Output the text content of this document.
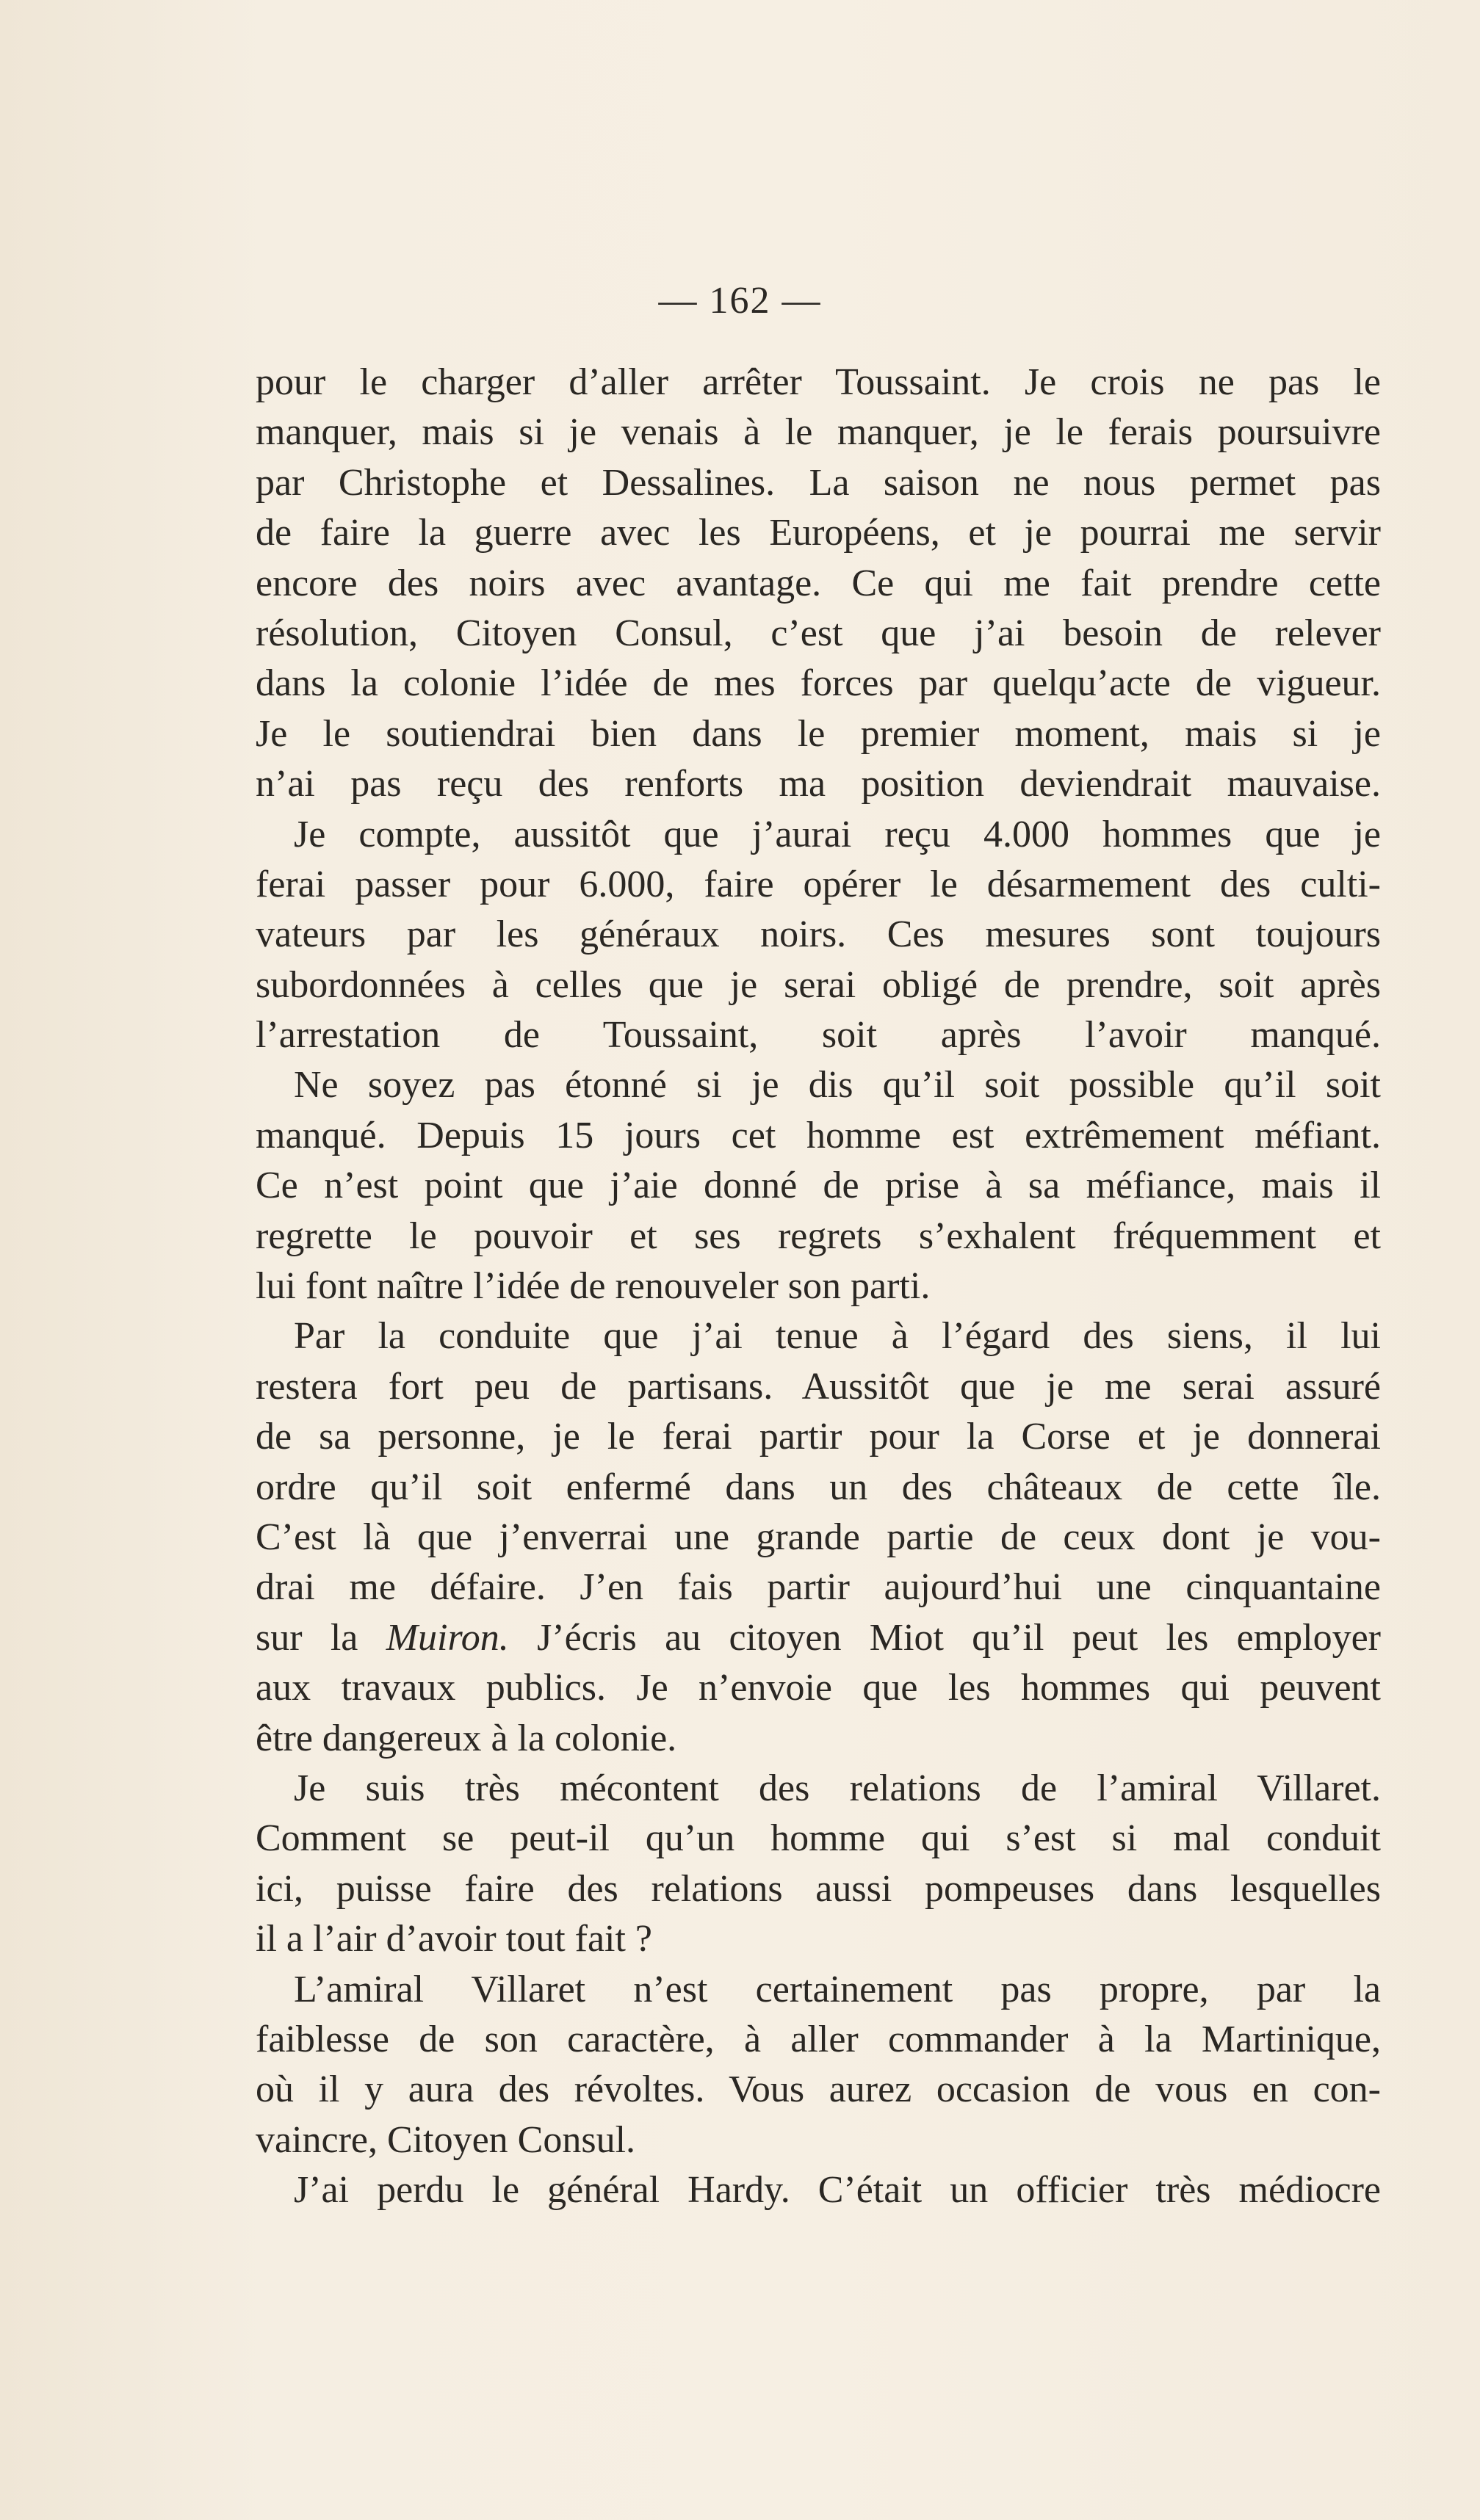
— 162 —
pour le charger d’aller arrêter Toussaint. Je crois ne pas le
manquer, mais si je venais à le manquer, je le ferais poursuivre
par Christophe et Dessalines. La saison ne nous permet pas
de faire la guerre avec les Européens, et je pourrai me servir
encore des noirs avec avantage. Ce qui me fait prendre cette
résolution, Citoyen Consul, c’est que j’ai besoin de relever
dans la colonie l’idée de mes forces par quelqu’acte de vigueur.
Je le soutiendrai bien dans le premier moment, mais si je
n’ai pas reçu des renforts ma position deviendrait mauvaise.
Je compte, aussitôt que j’aurai reçu 4.000 hommes que je
ferai passer pour 6.000, faire opérer le désarmement des culti-
vateurs par les généraux noirs. Ces mesures sont toujours
subordonnées à celles que je serai obligé de prendre, soit après
l’arrestation de Toussaint, soit après l’avoir manqué.
Ne soyez pas étonné si je dis qu’il soit possible qu’il soit
manqué. Depuis 15 jours cet homme est extrêmement méfiant.
Ce n’est point que j’aie donné de prise à sa méfiance, mais il
regrette le pouvoir et ses regrets s’exhalent fréquemment et
lui font naître l’idée de renouveler son parti.
Par la conduite que j’ai tenue à l’égard des siens, il lui
restera fort peu de partisans. Aussitôt que je me serai assuré
de sa personne, je le ferai partir pour la Corse et je donnerai
ordre qu’il soit enfermé dans un des châteaux de cette île.
C’est là que j’enverrai une grande partie de ceux dont je vou-
drai me défaire. J’en fais partir aujourd’hui une cinquantaine
sur la Muiron. J’écris au citoyen Miot qu’il peut les employer
aux travaux publics. Je n’envoie que les hommes qui peuvent
être dangereux à la colonie.
Je suis très mécontent des relations de l’amiral Villaret.
Comment se peut-il qu’un homme qui s’est si mal conduit
ici, puisse faire des relations aussi pompeuses dans lesquelles
il a l’air d’avoir tout fait ?
L’amiral Villaret n’est certainement pas propre, par la
faiblesse de son caractère, à aller commander à la Martinique,
où il y aura des révoltes. Vous aurez occasion de vous en con-
vaincre, Citoyen Consul.
J’ai perdu le général Hardy. C’était un officier très médiocre
